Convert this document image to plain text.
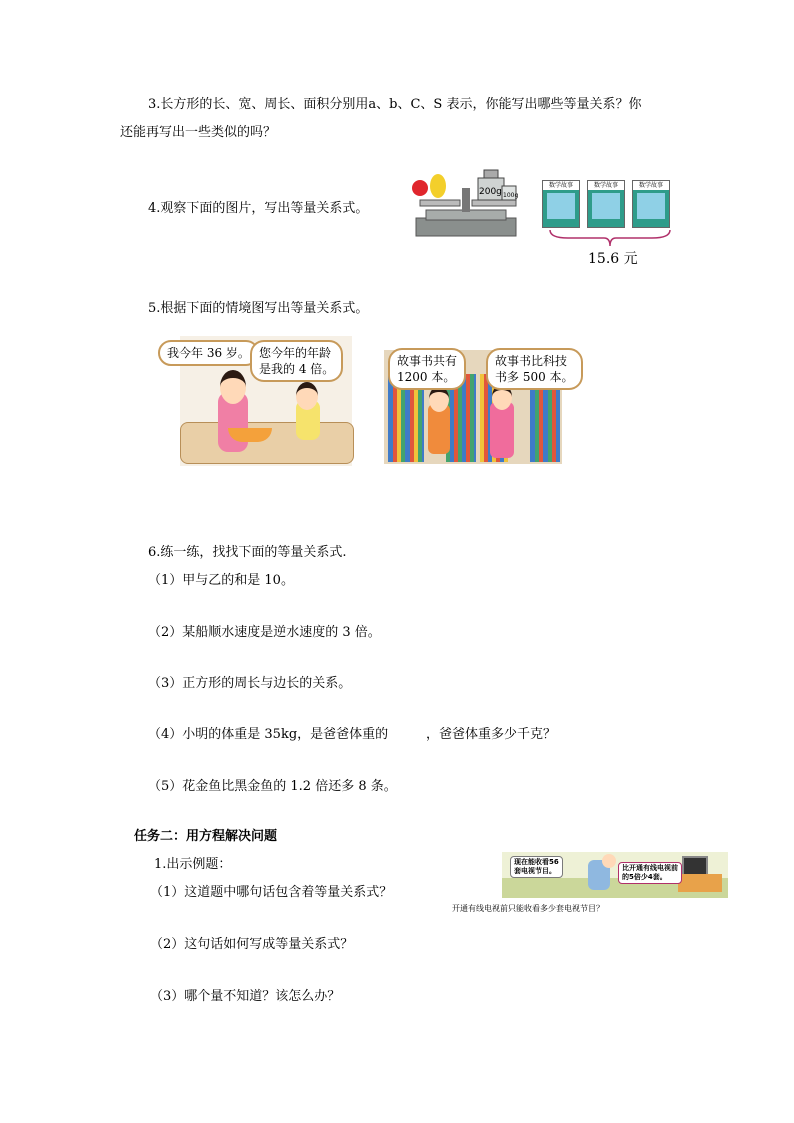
3.长方形的长、宽、周长、面积分别用a、b、C、S 表示，你能写出哪些等量关系？你
还能再写出一些类似的吗？
4.观察下面的图片，写出等量关系式。
200g 100g
数学故事	数学故事	数学故事
15.6 元
5.根据下面的情境图写出等量关系式。
我今年 36 岁。 您今年的年龄
是我的 4 倍。
故事书共有
1200 本。
故事书比科技
书多 500 本。
6.练一练，找找下面的等量关系式.
（1）甲与乙的和是 10。
（2）某船顺水速度是逆水速度的 3 倍。
（3）正方形的周长与边长的关系。
（4）小明的体重是 35kg，是爸爸体重的	，爸爸体重多少千克？
（5）花金鱼比黑金鱼的 1.2 倍还多 8 条。
任务二：用方程解决问题
1.出示例题：
（1）这道题中哪句话包含着等量关系式？
（2）这句话如何写成等量关系式？
（3）哪个量不知道？该怎么办？
现在能收看56
套电视节目。	比开通有线电视前
的5倍少4套。
开通有线电视前只能收看多少套电视节目？
